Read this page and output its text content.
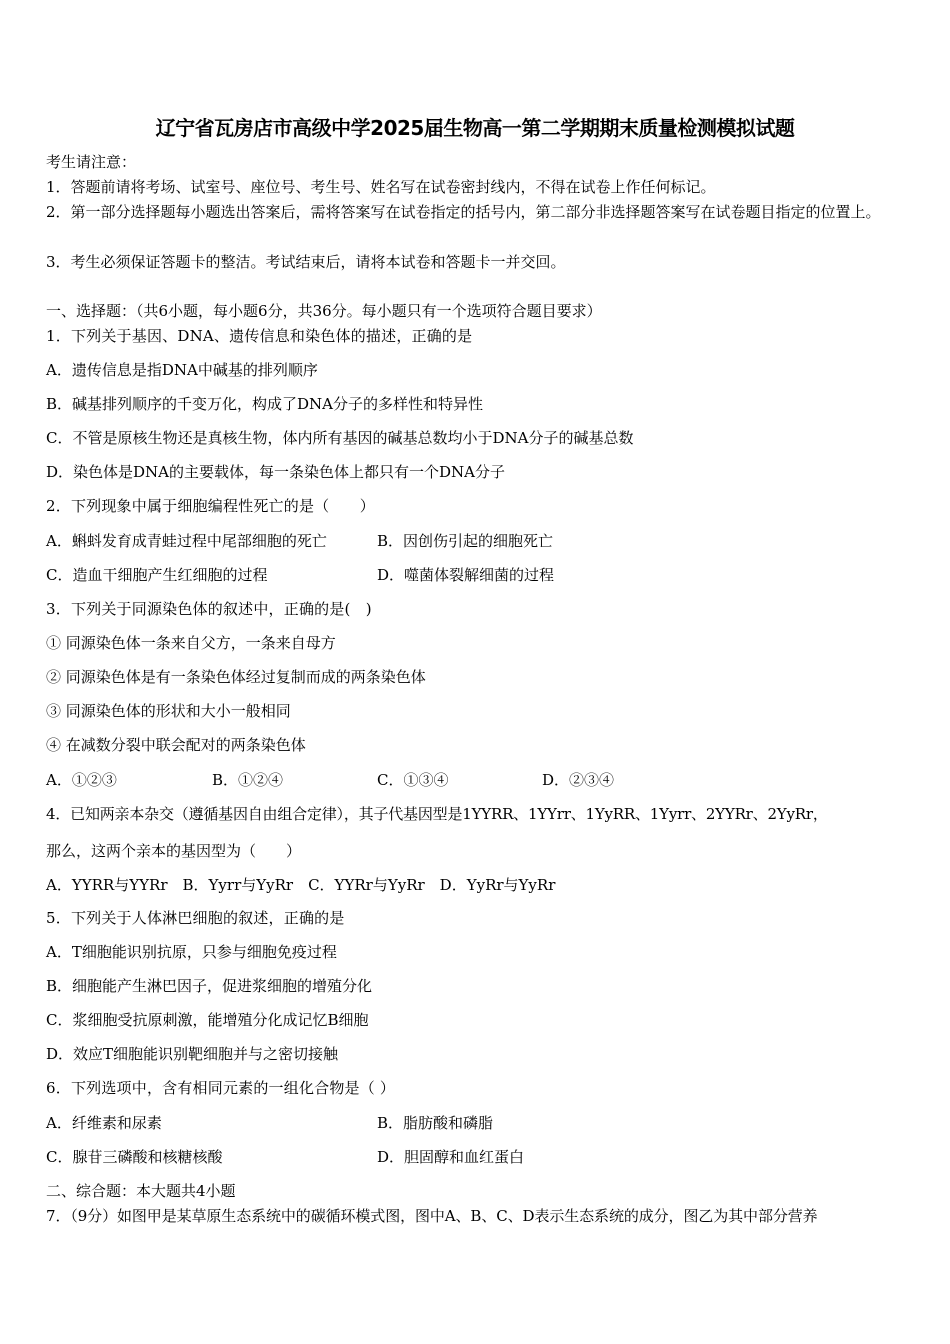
辽宁省瓦房店市高级中学2025届生物高一第二学期期末质量检测模拟试题
考生请注意：
1．答题前请将考场、试室号、座位号、考生号、姓名写在试卷密封线内，不得在试卷上作任何标记。
2．第一部分选择题每小题选出答案后，需将答案写在试卷指定的括号内，第二部分非选择题答案写在试卷题目指定的位置上。
3．考生必须保证答题卡的整洁。考试结束后，请将本试卷和答题卡一并交回。
一、选择题：（共6小题，每小题6分，共36分。每小题只有一个选项符合题目要求）
1．下列关于基因、DNA、遗传信息和染色体的描述，正确的是
A．遗传信息是指DNA中碱基的排列顺序
B．碱基排列顺序的千变万化，构成了DNA分子的多样性和特异性
C．不管是原核生物还是真核生物，体内所有基因的碱基总数均小于DNA分子的碱基总数
D．染色体是DNA的主要载体，每一条染色体上都只有一个DNA分子
2．下列现象中属于细胞编程性死亡的是（　　）
A．蝌蚪发育成青蛙过程中尾部细胞的死亡	B．因创伤引起的细胞死亡
C．造血干细胞产生红细胞的过程	D．噬菌体裂解细菌的过程
3．下列关于同源染色体的叙述中，正确的是(　)
① 同源染色体一条来自父方，一条来自母方
② 同源染色体是有一条染色体经过复制而成的两条染色体
③ 同源染色体的形状和大小一般相同
④ 在减数分裂中联会配对的两条染色体
A．①②③	B．①②④	C．①③④	D．②③④
4．已知两亲本杂交（遵循基因自由组合定律），其子代基因型是1YYRR、1YYrr、1YyRR、1Yyrr、2YYRr、2YyRr，
那么，这两个亲本的基因型为（　　）
A．YYRR与YYRr　B．Yyrr与YyRr　C．YYRr与YyRr　D．YyRr与YyRr
5．下列关于人体淋巴细胞的叙述，正确的是
A．T细胞能识别抗原，只参与细胞免疫过程
B．细胞能产生淋巴因子，促进浆细胞的增殖分化
C．浆细胞受抗原刺激，能增殖分化成记忆B细胞
D．效应T细胞能识别靶细胞并与之密切接触
6．下列选项中，含有相同元素的一组化合物是（ ）
A．纤维素和尿素	B．脂肪酸和磷脂
C．腺苷三磷酸和核糖核酸	D．胆固醇和血红蛋白
二、综合题：本大题共4小题
7．（9分）如图甲是某草原生态系统中的碳循环模式图，图中A、B、C、D表示生态系统的成分，图乙为其中部分营养
